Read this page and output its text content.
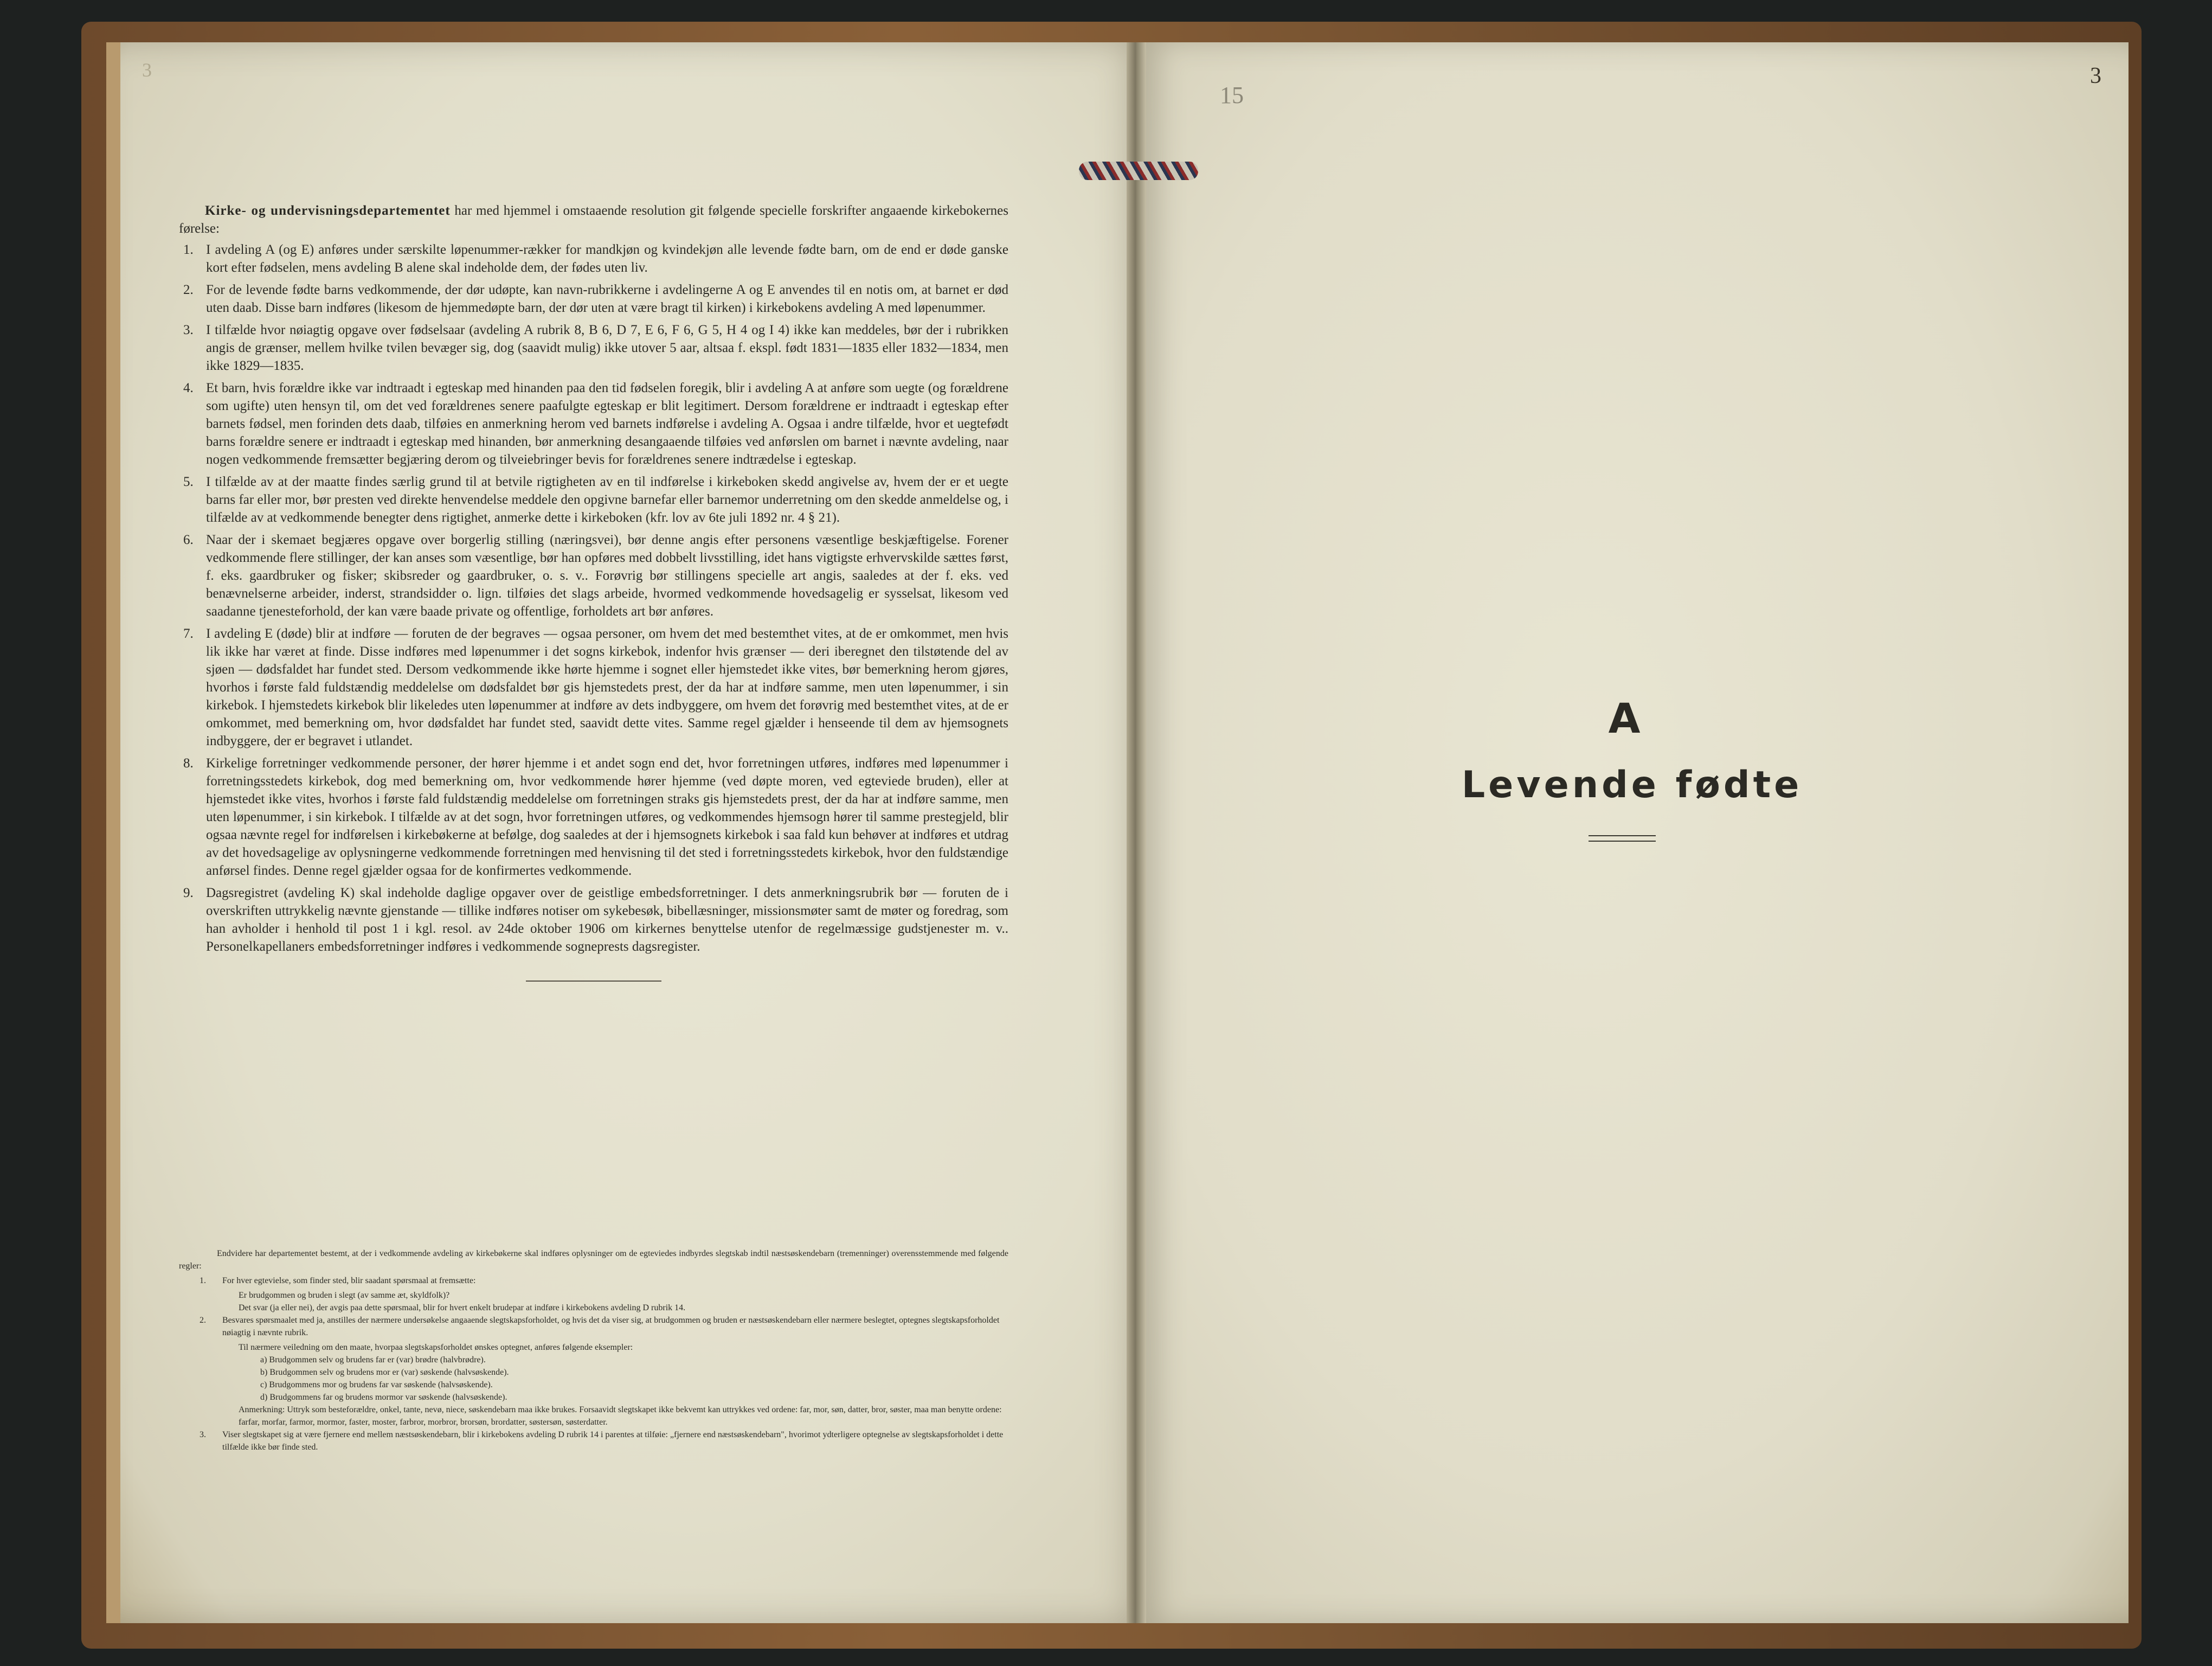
3	3
15

Kirke- og undervisningsdepartementet har med hjemmel i omstaaende resolution git følgende specielle forskrifter angaaende kirkebokernes førelse:

1. I avdeling A (og E) anføres under særskilte løpenummer-rækker for mandkjøn og kvindekjøn alle levende fødte barn, om de end er døde ganske kort efter fødselen, mens avdeling B alene skal indeholde dem, der fødes uten liv.

2. For de levende fødte barns vedkommende, der dør udøpte, kan navn-rubrikkerne i avdelingerne A og E anvendes til en notis om, at barnet er død uten daab. Disse barn indføres (likesom de hjemmedøpte barn, der dør uten at være bragt til kirken) i kirkebokens avdeling A med løpenummer.

3. I tilfælde hvor nøiagtig opgave over fødselsaar (avdeling A rubrik 8, B 6, D 7, E 6, F 6, G 5, H 4 og I 4) ikke kan meddeles, bør der i rubrikken angis de grænser, mellem hvilke tvilen bevæger sig, dog (saavidt mulig) ikke utover 5 aar, altsaa f. ekspl. født 1831—1835 eller 1832—1834, men ikke 1829—1835.

4. Et barn, hvis forældre ikke var indtraadt i egteskap med hinanden paa den tid fødselen foregik, blir i avdeling A at anføre som uegte (og forældrene som ugifte) uten hensyn til, om det ved forældrenes senere paafulgte egteskap er blit legitimert. Dersom forældrene er indtraadt i egteskap efter barnets fødsel, men forinden dets daab, tilføies en anmerkning herom ved barnets indførelse i avdeling A. Ogsaa i andre tilfælde, hvor et uegtefødt barns forældre senere er indtraadt i egteskap med hinanden, bør anmerkning desangaaende tilføies ved anførslen om barnet i nævnte avdeling, naar nogen vedkommende fremsætter begjæring derom og tilveiebringer bevis for forældrenes senere indtrædelse i egteskap.

5. I tilfælde av at der maatte findes særlig grund til at betvile rigtigheten av en til indførelse i kirkeboken skedd angivelse av, hvem der er et uegte barns far eller mor, bør presten ved direkte henvendelse meddele den opgivne barnefar eller barnemor underretning om den skedde anmeldelse og, i tilfælde av at vedkommende benegter dens rigtighet, anmerke dette i kirkeboken (kfr. lov av 6te juli 1892 nr. 4 § 21).

6. Naar der i skemaet begjæres opgave over borgerlig stilling (næringsvei), bør denne angis efter personens væsentlige beskjæftigelse. Forener vedkommende flere stillinger, der kan anses som væsentlige, bør han opføres med dobbelt livsstilling, idet hans vigtigste erhvervskilde sættes først, f. eks. gaardbruker og fisker; skibsreder og gaardbruker, o. s. v.. Forøvrig bør stillingens specielle art angis, saaledes at der f. eks. ved benævnelserne arbeider, inderst, strandsidder o. lign. tilføies det slags arbeide, hvormed vedkommende hovedsagelig er sysselsat, likesom ved saadanne tjenesteforhold, der kan være baade private og offentlige, forholdets art bør anføres.

7. I avdeling E (døde) blir at indføre — foruten de der begraves — ogsaa personer, om hvem det med bestemthet vites, at de er omkommet, men hvis lik ikke har været at finde. Disse indføres med løpenummer i det sogns kirkebok, indenfor hvis grænser — deri iberegnet den tilstøtende del av sjøen — dødsfaldet har fundet sted. Dersom vedkommende ikke hørte hjemme i sognet eller hjemstedet ikke vites, bør bemerkning herom gjøres, hvorhos i første fald fuldstændig meddelelse om dødsfaldet bør gis hjemstedets prest, der da har at indføre samme, men uten løpenummer, i sin kirkebok. I hjemstedets kirkebok blir likeledes uten løpenummer at indføre av dets indbyggere, om hvem det forøvrig med bestemthet vites, at de er omkommet, med bemerkning om, hvor dødsfaldet har fundet sted, saavidt dette vites. Samme regel gjælder i henseende til dem av hjemsognets indbyggere, der er begravet i utlandet.

8. Kirkelige forretninger vedkommende personer, der hører hjemme i et andet sogn end det, hvor forretningen utføres, indføres med løpenummer i forretningsstedets kirkebok, dog med bemerkning om, hvor vedkommende hører hjemme (ved døpte moren, ved egteviede bruden), eller at hjemstedet ikke vites, hvorhos i første fald fuldstændig meddelelse om forretningen straks gis hjemstedets prest, der da har at indføre samme, men uten løpenummer, i sin kirkebok. I tilfælde av at det sogn, hvor forretningen utføres, og vedkommendes hjemsogn hører til samme prestegjeld, blir ogsaa nævnte regel for indførelsen i kirkebøkerne at befølge, dog saaledes at der i hjemsognets kirkebok i saa fald kun behøver at indføres et utdrag av det hovedsagelige av oplysningerne vedkommende forretningen med henvisning til det sted i forretningsstedets kirkebok, hvor den fuldstændige anførsel findes. Denne regel gjælder ogsaa for de konfirmertes vedkommende.

9. Dagsregistret (avdeling K) skal indeholde daglige opgaver over de geistlige embedsforretninger. I dets anmerkningsrubrik bør — foruten de i overskriften uttrykkelig nævnte gjenstande — tillike indføres notiser om sykebesøk, bibellæsninger, missionsmøter samt de møter og foredrag, som han avholder i henhold til post 1 i kgl. resol. av 24de oktober 1906 om kirkernes benyttelse utenfor de regelmæssige gudstjenester m. v.. Personelkapellaners embedsforretninger indføres i vedkommende sogneprests dagsregister.

Endvidere har departementet bestemt, at der i vedkommende avdeling av kirkebøkerne skal indføres oplysninger om de egteviedes indbyrdes slegtskab indtil næstsøskendebarn (tremenninger) overensstemmende med følgende regler:

1. For hver egtevielse, som finder sted, blir saadant spørsmaal at fremsætte:

Er brudgommen og bruden i slegt (av samme æt, skyldfolk)?

Det svar (ja eller nei), der avgis paa dette spørsmaal, blir for hvert enkelt brudepar at indføre i kirkebokens avdeling D rubrik 14.

2. Besvares spørsmaalet med ja, anstilles der nærmere undersøkelse angaaende slegtskapsforholdet, og hvis det da viser sig, at brudgommen og bruden er næstsøskendebarn eller nærmere beslegtet, optegnes slegtskapsforholdet nøiagtig i nævnte rubrik.

Til nærmere veiledning om den maate, hvorpaa slegtskapsforholdet ønskes optegnet, anføres følgende eksempler:

a) Brudgommen selv og brudens far er (var) brødre (halvbrødre).

b) Brudgommen selv og brudens mor er (var) søskende (halvsøskende).

c) Brudgommens mor og brudens far var søskende (halvsøskende).

d) Brudgommens far og brudens mormor var søskende (halvsøskende).

Anmerkning: Uttryk som besteforældre, onkel, tante, nevø, niece, søskendebarn maa ikke brukes. Forsaavidt slegtskapet ikke bekvemt kan uttrykkes ved ordene: far, mor, søn, datter, bror, søster, maa man benytte ordene: farfar, morfar, farmor, mormor, faster, moster, farbror, morbror, brorsøn, brordatter, søstersøn, søsterdatter.

3. Viser slegtskapet sig at være fjernere end mellem næstsøskendebarn, blir i kirkebokens avdeling D rubrik 14 i parentes at tilføie: „fjernere end næstsøskendebarn", hvorimot ydterligere optegnelse av slegtskapsforholdet i dette tilfælde ikke bør finde sted.

A
Levende fødte
